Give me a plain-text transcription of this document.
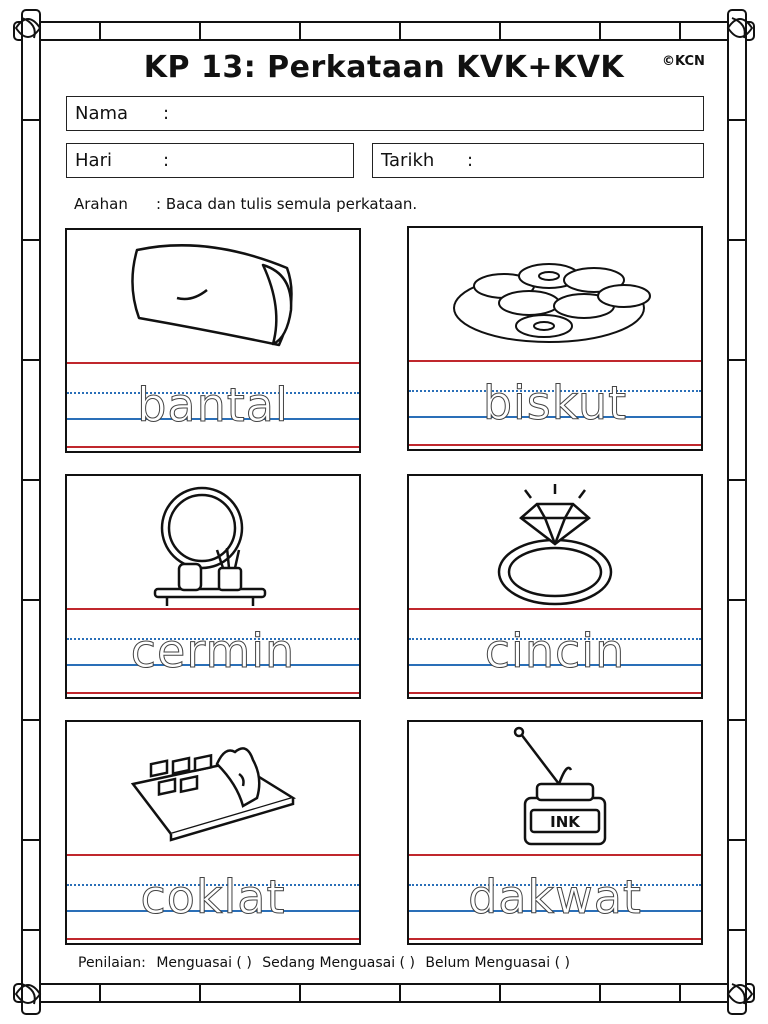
KP 13: Perkataan KVK+KVK	©KCN
Nama :
Hari	:	Tarikh :
Arahan : Baca dan tulis semula perkataan.
bantal	biskut
cermin	cincin
coklat
INK
dakwat
Penilaian: Menguasai ( ) Sedang Menguasai ( ) Belum Menguasai ( )
